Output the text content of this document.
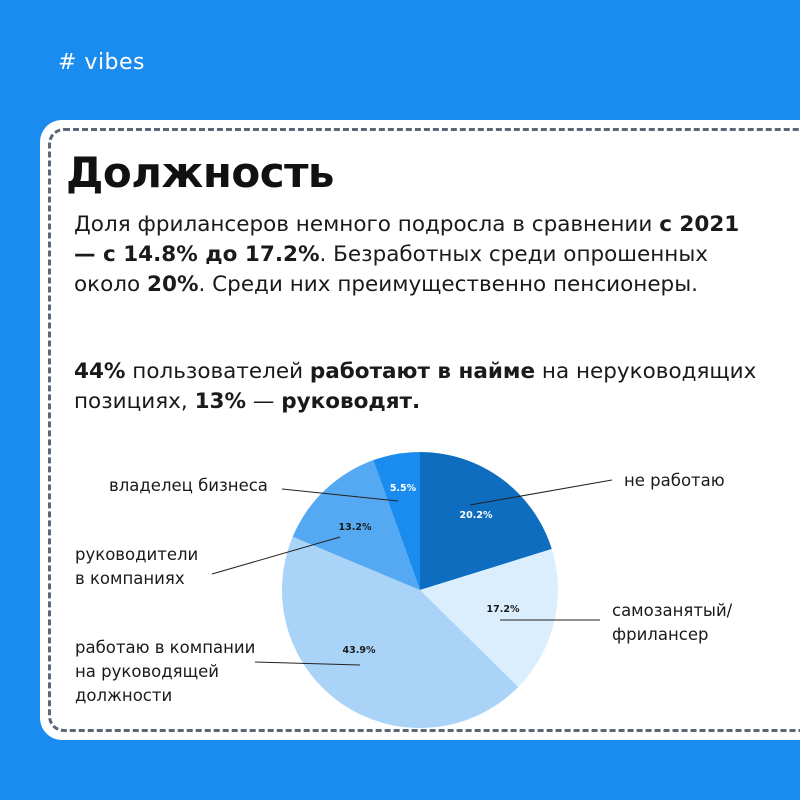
# vibes
Должность
Доля фрилансеров немного подросла в сравнении с 2021 — с 14.8% до 17.2%. Безработных среди опрошенных около 20%. Среди них преимущественно пенсионеры.
44% пользователей работают в найме на неруководящих позициях, 13% — руководят.
20.2%
не работаю
17.2%	самозанятый/ фрилансер
43.9%
работаю в компании на руководящей должности
13.2%
руководители в компаниях
5.5%
владелец бизнеса
